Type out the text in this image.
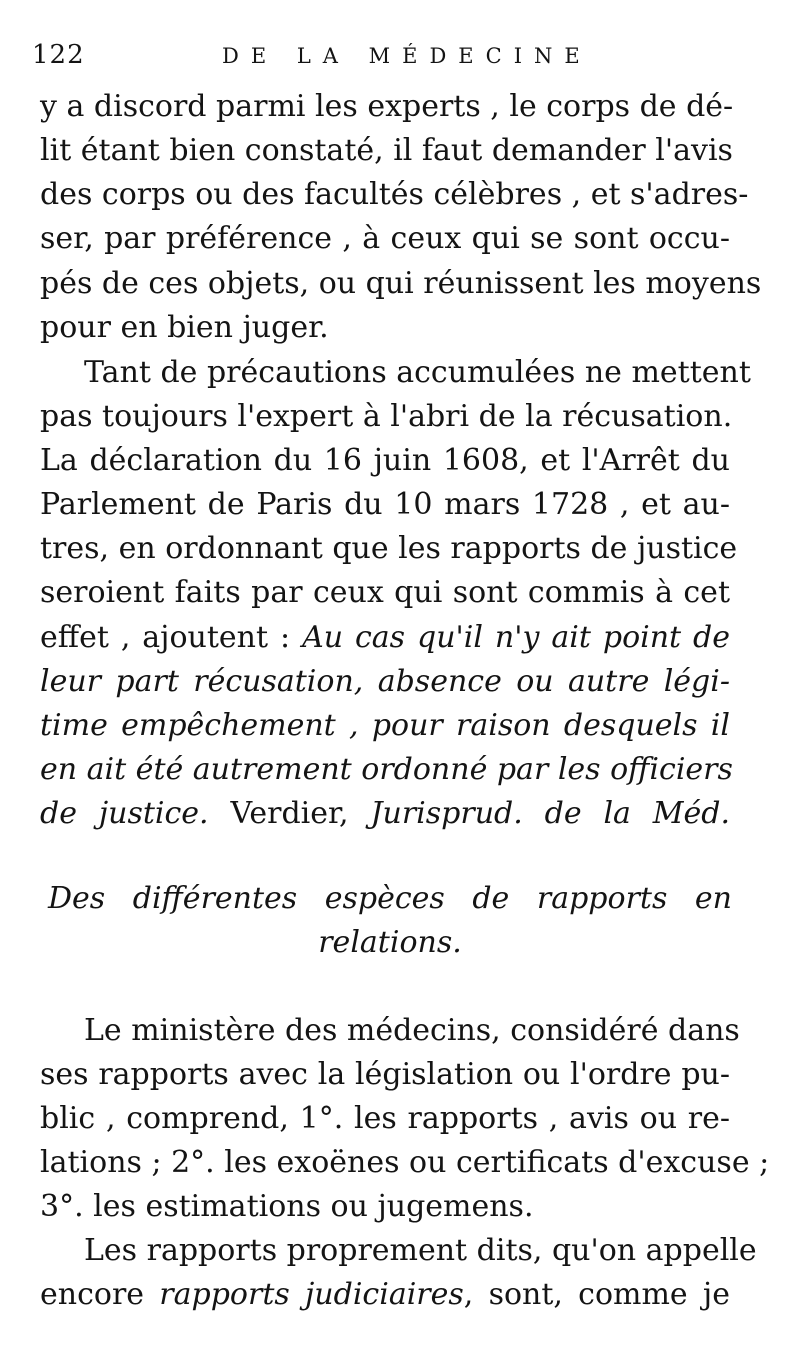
122	DE LA MÉDECINE
y a discord parmi les experts , le corps de dé-
lit étant bien constaté, il faut demander l'avis
des corps ou des facultés célèbres , et s'adres-
ser, par préférence , à ceux qui se sont occu-
pés de ces objets, ou qui réunissent les moyens
pour en bien juger.
Tant de précautions accumulées ne mettent
pas toujours l'expert à l'abri de la récusation.
La déclaration du 16 juin 1608, et l'Arrêt du
Parlement de Paris du 10 mars 1728 , et au-
tres, en ordonnant que les rapports de justice
seroient faits par ceux qui sont commis à cet
effet , ajoutent : Au cas qu'il n'y ait point de
leur part récusation, absence ou autre légi-
time empêchement , pour raison desquels il
en ait été autrement ordonné par les officiers
de justice. Verdier, Jurisprud. de la Méd.
Des différentes espèces de rapports en
relations.
Le ministère des médecins, considéré dans
ses rapports avec la législation ou l'ordre pu-
blic , comprend, 1°. les rapports , avis ou re-
lations ; 2°. les exoënes ou certificats d'excuse ;
3°. les estimations ou jugemens.
Les rapports proprement dits, qu'on appelle
encore rapports judiciaires, sont, comme je
